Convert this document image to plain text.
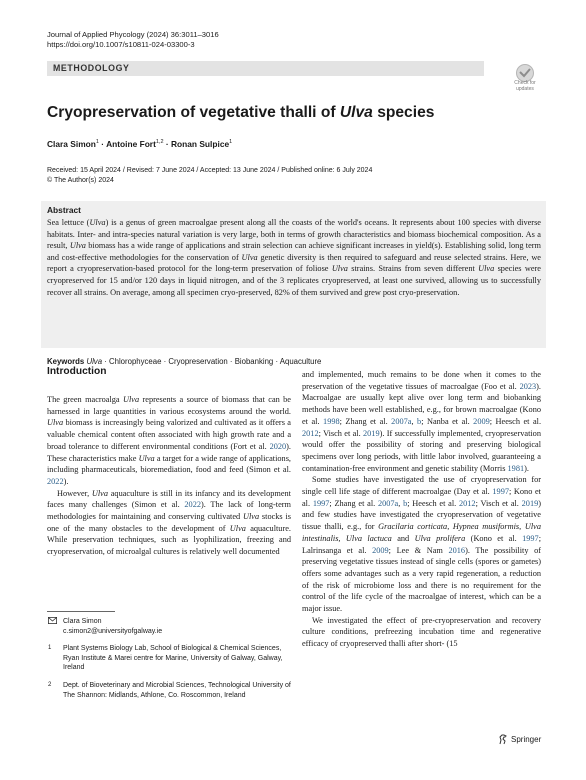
Journal of Applied Phycology (2024) 36:3011–3016
https://doi.org/10.1007/s10811-024-03300-3
METHODOLOGY
Check for
updates
Cryopreservation of vegetative thalli of Ulva species
Clara Simon$^1$ · Antoine Fort$^{1,2}$ · Ronan Sulpice$^1$
Received: 15 April 2024 / Revised: 7 June 2024 / Accepted: 13 June 2024 / Published online: 6 July 2024
© The Author(s) 2024
Abstract
Sea lettuce (Ulva) is a genus of green macroalgae present along all the coasts of the world's oceans. It represents about 100 species with diverse habitats. Inter- and intra-species natural variation is very large, both in terms of growth characteristics and biomass biochemical composition. As a result, Ulva biomass has a wide range of applications and strain selection can achieve significant increases in yield(s). Establishing solid, long term and cost-effective methodologies for the conservation of Ulva genetic diversity is then required to safeguard and reuse selected strains. Here, we report a cryopreservation-based protocol for the long-term preservation of foliose Ulva strains. Strains from seven different Ulva species were cryopreserved for 15 and/or 120 days in liquid nitrogen, and of the 3 replicates cryopreserved, at least one survived, allowing us to successfully recover all strains. On average, among all specimen cryo-preserved, 82% of them survived and grew post cryo-preservation.
Keywords Ulva · Chlorophyceae · Cryopreservation · Biobanking · Aquaculture
Introduction

The green macroalga Ulva represents a source of biomass that can be harnessed in large quantities in various ecosystems around the world. Ulva biomass is increasingly being valorized and cultivated as it offers a valuable chemical content often associated with high growth rate and a broad tolerance to different environmental conditions (Fort et al. 2020). These characteristics make Ulva a target for a wide range of applications, including pharmaceuticals, bioremediation, food and feed (Simon et al. 2022).

However, Ulva aquaculture is still in its infancy and its development faces many challenges (Simon et al. 2022). The lack of long-term methodologies for maintaining and conserving cultivated Ulva stocks is one of the many obstacles to the development of Ulva aquaculture. While preservation techniques, such as lyophilization, freezing and cryopreservation, of microalgal cultures is relatively well documented

and implemented, much remains to be done when it comes to the preservation of the vegetative tissues of macroalgae (Foo et al. 2023). Macroalgae are usually kept alive over long term and biobanking methods have been well established, e.g., for brown macroalgae (Kono et al. 1998; Zhang et al. 2007a, b; Nanba et al. 2009; Heesch et al. 2012; Visch et al. 2019). If successfully implemented, cryopreservation would offer the possibility of storing and preserving biological specimens over long periods, with little labor involved, guaranteeing a contamination-free environment and genetic stability (Morris 1981).

Some studies have investigated the use of cryopreservation for single cell life stage of different macroalgae (Day et al. 1997; Kono et al. 1997; Zhang et al. 2007a, b; Heesch et al. 2012; Visch et al. 2019) and few studies have investigated the cryopreservation of vegetative tissue thalli, e.g., for Gracilaria corticata, Hypnea musiformis, Ulva intestinalis, Ulva lactuca and Ulva prolifera (Kono et al. 1997; Lalrinsanga et al. 2009; Lee & Nam 2016). The possibility of preserving vegetative tissues instead of single cells (spores or gametes) offers some advantages such as a very rapid regeneration, a reduction of the risk of microbiome loss and there is no requirement for the control of the life cycle of the macroalgae of interest, which can be a major issue.

We investigated the effect of pre-cryopreservation and recovery culture conditions, prefreezing incubation time and regenerative efficacy of cryopreserved thalli after short- (15

Clara Simon
c.simon2@universityofgalway.ie
1 Plant Systems Biology Lab, School of Biological & Chemical Sciences, Ryan Institute & Marei centre for Marine, University of Galway, Galway, Ireland
2 Dept. of Bioveterinary and Microbial Sciences, Technological University of The Shannon: Midlands, Athlone, Co. Roscommon, Ireland
Springer
